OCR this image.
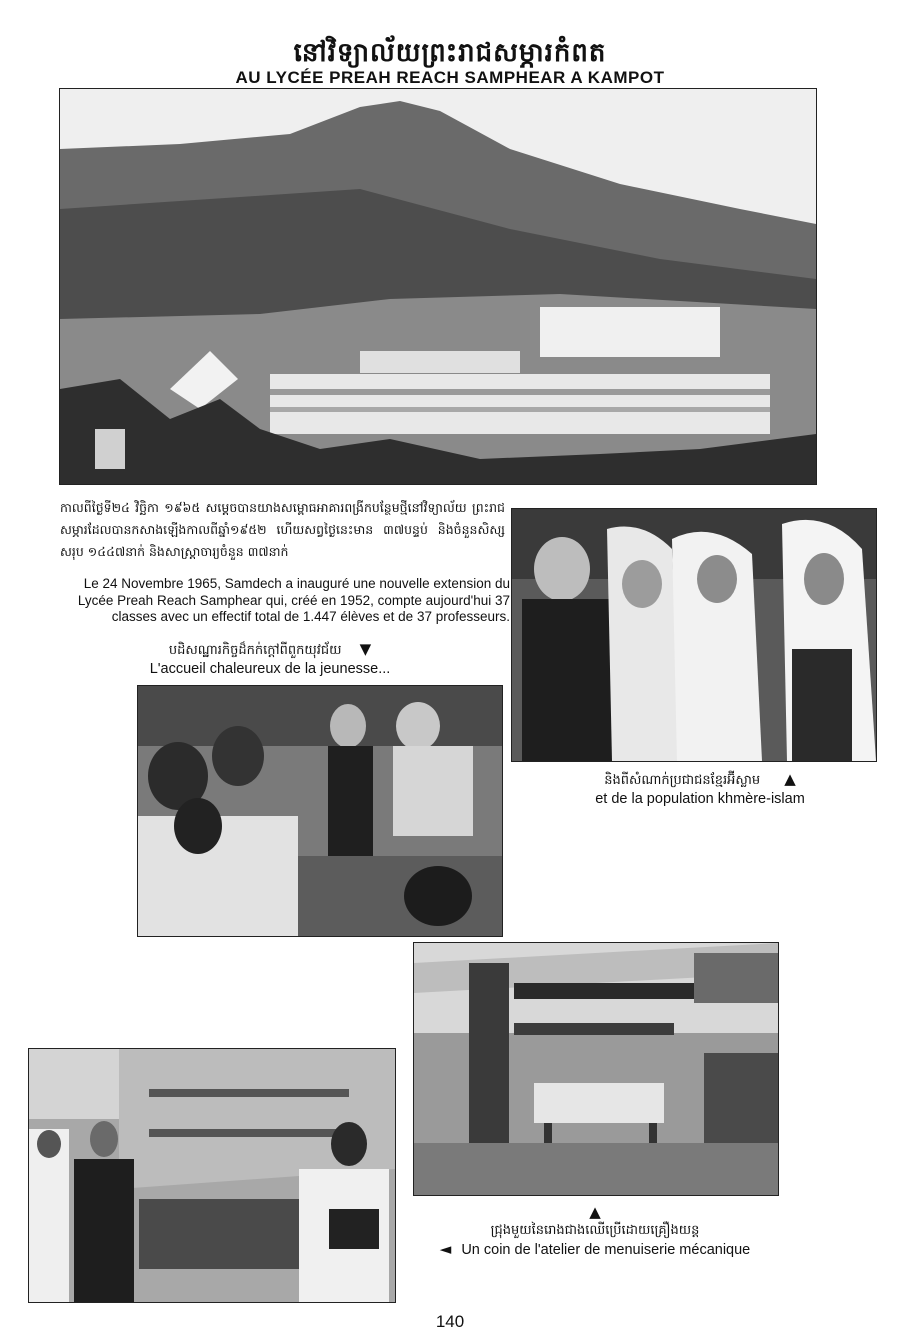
នៅវិទ្យាល័យព្រះរាជសម្ភារកំពត
AU LYCÉE PREAH REACH SAMPHEAR A KAMPOT
កាលពីថ្ងៃទី២៤ វិច្ឆិកា ១៩៦៥ សម្តេចបានយាងសម្ពោធអាគារពង្រីកបន្ថែមថ្មីនៅវិទ្យាល័យ ព្រះរាជសម្ភារដែលបានកសាងឡើងកាលពីឆ្នាំ១៩៥២ ហើយសព្វថ្ងៃនេះមាន ៣៧បន្ទប់ និងចំនួនសិស្សសរុប ១៤៤៧នាក់ និងសាស្ត្រាចារ្យចំនួន ៣៧នាក់
Le 24 Novembre 1965, Samdech a inauguré une nouvelle extension du Lycée Preah Reach Samphear qui, créé en 1952, compte aujourd'hui 37 classes avec un effectif total de 1.447 élèves et de 37 professeurs.
បដិសណ្ឋារកិច្ចដ៏កក់ក្តៅពីពួកយុវជ័យ ▼
L'accueil chaleureux de la jeunesse...
និងពីសំណាក់ប្រជាជនខ្មែរអ៊ីស្លាម ▲
et de la population khmère-islam
▲
ជ្រុងមួយនៃរោងជាងឈើប្រើដោយគ្រឿងយន្ត
◄ Un coin de l'atelier de menuiserie mécanique
140
